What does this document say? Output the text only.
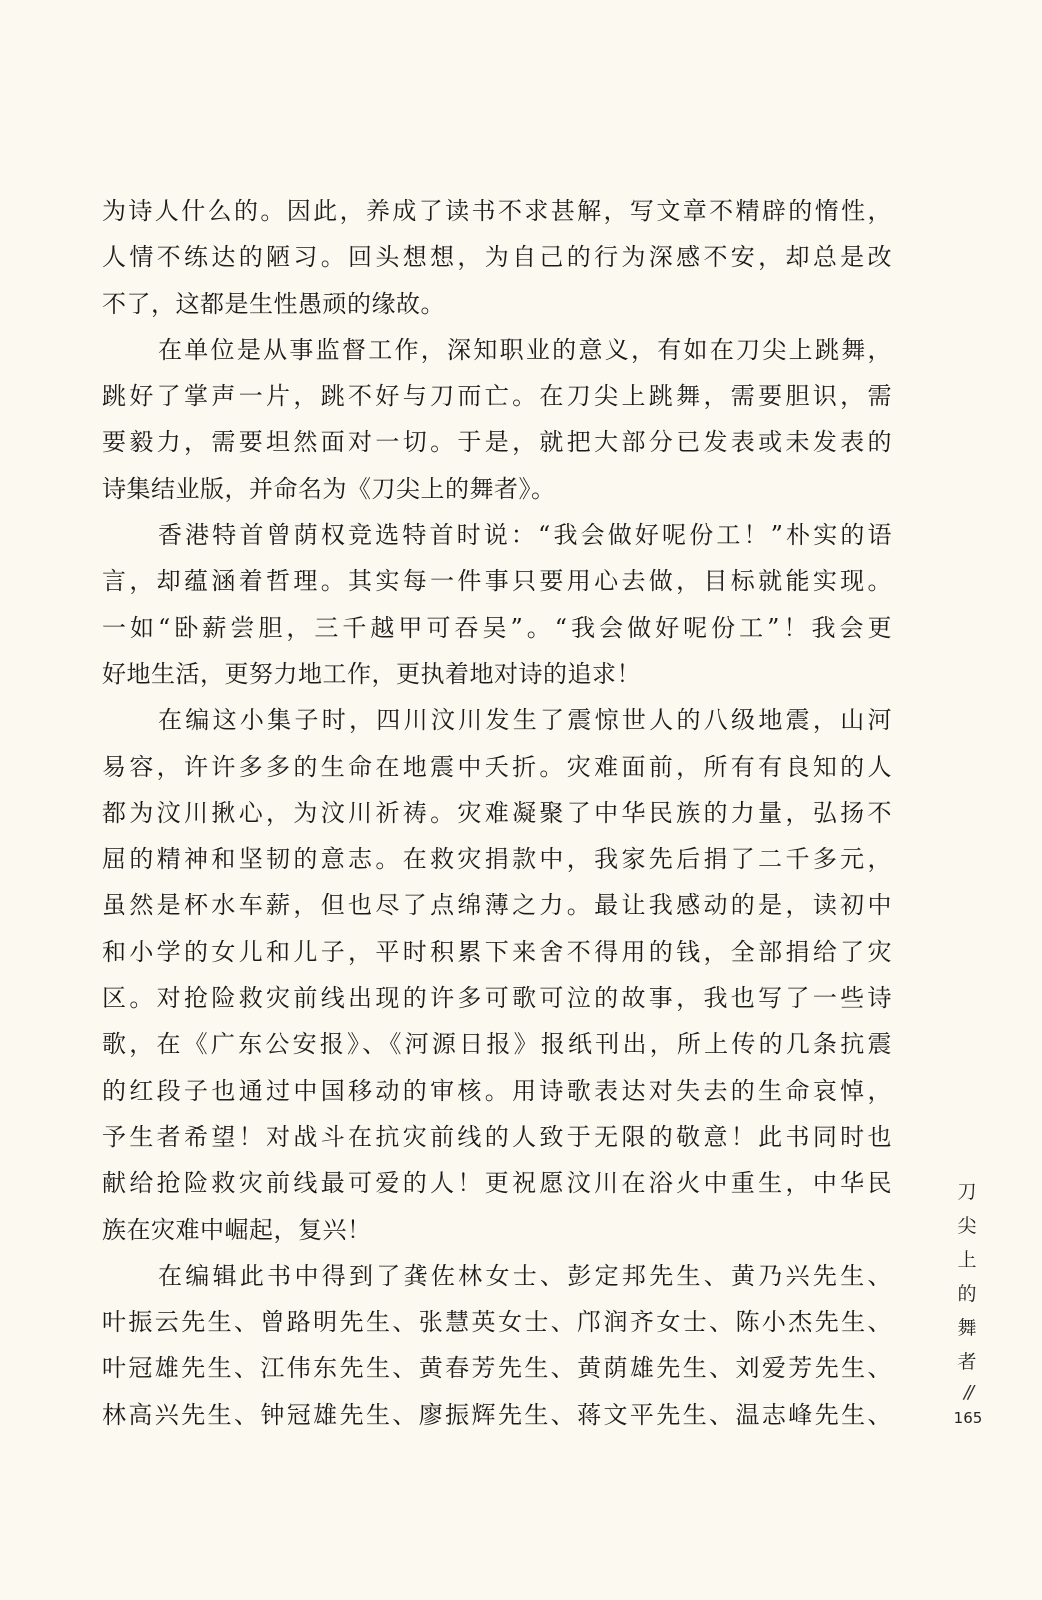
为诗人什么的。因此，养成了读书不求甚解，写文章不精辟的惰性，
人情不练达的陋习。回头想想，为自己的行为深感不安，却总是改
不了，这都是生性愚顽的缘故。
在单位是从事监督工作，深知职业的意义，有如在刀尖上跳舞，
跳好了掌声一片，跳不好与刀而亡。在刀尖上跳舞，需要胆识，需
要毅力，需要坦然面对一切。于是，就把大部分已发表或未发表的
诗集结业版，并命名为《刀尖上的舞者》。
香港特首曾荫权竞选特首时说：“我会做好呢份工！”朴实的语
言，却蕴涵着哲理。其实每一件事只要用心去做，目标就能实现。
一如“卧薪尝胆，三千越甲可吞吴”。“我会做好呢份工”！我会更
好地生活，更努力地工作，更执着地对诗的追求！
在编这小集子时，四川汶川发生了震惊世人的八级地震，山河
易容，许许多多的生命在地震中夭折。灾难面前，所有有良知的人
都为汶川揪心，为汶川祈祷。灾难凝聚了中华民族的力量，弘扬不
屈的精神和坚韧的意志。在救灾捐款中，我家先后捐了二千多元，
虽然是杯水车薪，但也尽了点绵薄之力。最让我感动的是，读初中
和小学的女儿和儿子，平时积累下来舍不得用的钱，全部捐给了灾
区。对抢险救灾前线出现的许多可歌可泣的故事，我也写了一些诗
歌，在《广东公安报》、《河源日报》报纸刊出，所上传的几条抗震
的红段子也通过中国移动的审核。用诗歌表达对失去的生命哀悼，
予生者希望！对战斗在抗灾前线的人致于无限的敬意！此书同时也
献给抢险救灾前线最可爱的人！更祝愿汶川在浴火中重生，中华民
族在灾难中崛起，复兴！
在编辑此书中得到了龚佐林女士、彭定邦先生、黄乃兴先生、
叶振云先生、曾路明先生、张慧英女士、邝润齐女士、陈小杰先生、
叶冠雄先生、江伟东先生、黄春芳先生、黄荫雄先生、刘爱芳先生、
林高兴先生、钟冠雄先生、廖振辉先生、蒋文平先生、温志峰先生、
刀
尖
上
的
舞
者
//
165
